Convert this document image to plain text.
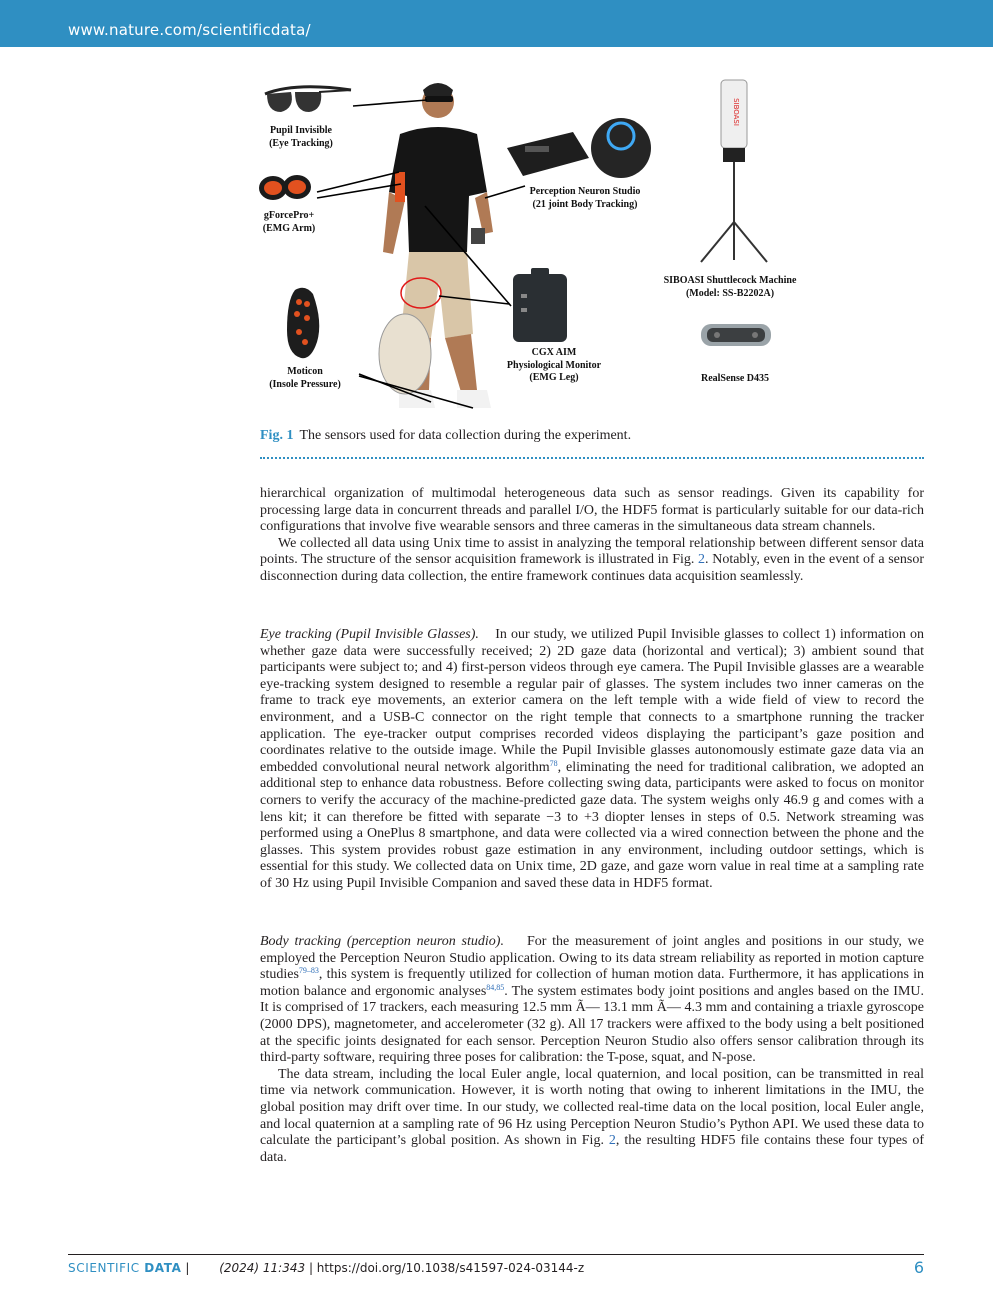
www.nature.com/scientificdata/
SIBOASI
Pupil Invisible
(Eye Tracking)
gForcePro+
(EMG Arm)
Moticon
(Insole Pressure)
Perception Neuron Studio
(21 joint Body Tracking)
CGX AIM
Physiological Monitor
(EMG Leg)
SIBOASI Shuttlecock Machine
(Model: SS-B2202A)
RealSense D435
Fig. 1 The sensors used for data collection during the experiment.

hierarchical organization of multimodal heterogeneous data such as sensor readings. Given its capability for processing large data in concurrent threads and parallel I/O, the HDF5 format is particularly suitable for our data-rich configurations that involve five wearable sensors and three cameras in the simultaneous data stream channels.

We collected all data using Unix time to assist in analyzing the temporal relationship between different sensor data points. The structure of the sensor acquisition framework is illustrated in Fig. 2. Notably, even in the event of a sensor disconnection during data collection, the entire framework continues data acquisition seamlessly.

Eye tracking (Pupil Invisible Glasses). In our study, we utilized Pupil Invisible glasses to collect 1) information on whether gaze data were successfully received; 2) 2D gaze data (horizontal and vertical); 3) ambient sound that participants were subject to; and 4) first-person videos through eye camera. The Pupil Invisible glasses are a wearable eye-tracking system designed to resemble a regular pair of glasses. The system includes two inner cameras on the frame to track eye movements, an exterior camera on the left temple with a wide field of view to record the environment, and a USB-C connector on the right temple that connects to a smartphone running the tracker application. The eye-tracker output comprises recorded videos displaying the participant’s gaze position and coordinates relative to the outside image. While the Pupil Invisible glasses autonomously estimate gaze data via an embedded convolutional neural network algorithm$^{78}$, eliminating the need for traditional calibration, we adopted an additional step to enhance data robustness. Before collecting swing data, participants were asked to focus on monitor corners to verify the accuracy of the machine-predicted gaze data. The system weighs only 46.9 g and comes with a lens kit; it can therefore be fitted with separate −3 to +3 diopter lenses in steps of 0.5. Network streaming was performed using a OnePlus 8 smartphone, and data were collected via a wired connection between the phone and the glasses. This system provides robust gaze estimation in any environment, including outdoor settings, which is essential for this study. We collected data on Unix time, 2D gaze, and gaze worn value in real time at a sampling rate of 30 Hz using Pupil Invisible Companion and saved these data in HDF5 format.

Body tracking (perception neuron studio). For the measurement of joint angles and positions in our study, we employed the Perception Neuron Studio application. Owing to its data stream reliability as reported in motion capture studies$^{79-83}$, this system is frequently utilized for collection of human motion data. Furthermore, it has applications in motion balance and ergonomic analyses$^{84,85}$. The system estimates body joint positions and angles based on the IMU. It is comprised of 17 trackers, each measuring 12.5 mm Ã— 13.1 mm Ã— 4.3 mm and containing a triaxle gyroscope (2000 DPS), magnetometer, and accelerometer (32 g). All 17 trackers were affixed to the body using a belt positioned at the specific joints designated for each sensor. Perception Neuron Studio also offers sensor calibration through its third-party software, requiring three poses for calibration: the T-pose, squat, and N-pose.

The data stream, including the local Euler angle, local quaternion, and local position, can be transmitted in real time via network communication. However, it is worth noting that owing to inherent limitations in the IMU, the global position may drift over time. In our study, we collected real-time data on the local position, local Euler angle, and local quaternion at a sampling rate of 96 Hz using Perception Neuron Studio’s Python API. We used these data to calculate the participant’s global position. As shown in Fig. 2, the resulting HDF5 file contains these four types of data.

SCIENTIFIC DATA | (2024) 11:343 | https://doi.org/10.1038/s41597-024-03144-z	6
